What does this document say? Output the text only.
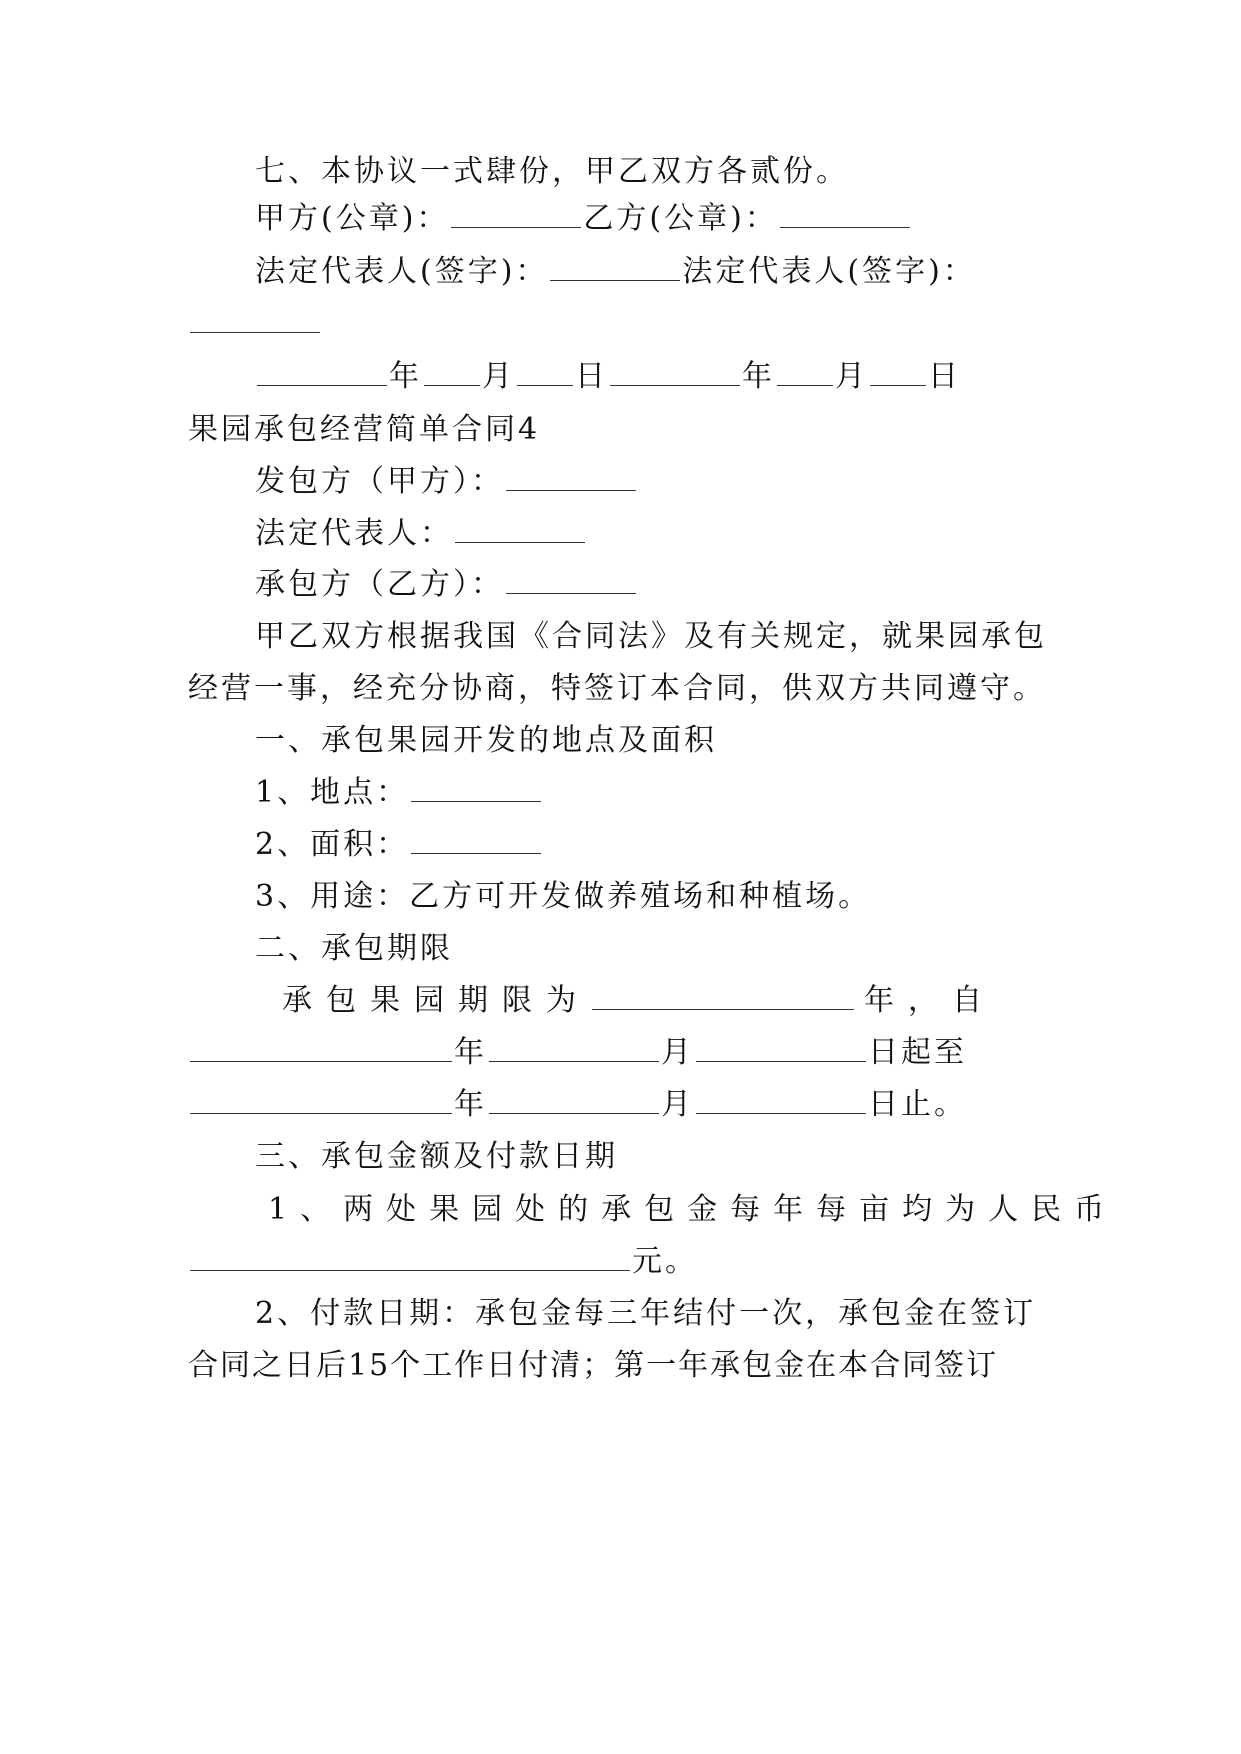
七、本协议一式肆份，甲乙双方各贰份。
甲方(公章)：	乙方(公章)：
法定代表人(签字)：	法定代表人(签字)：
年 月 日	年 月 日
果园承包经营简单合同4
发包方（甲方）：
法定代表人：
承包方（乙方）：
甲乙双方根据我国《合同法》及有关规定，就果园承包
经营一事，经充分协商，特签订本合同，供双方共同遵守。
一、承包果园开发的地点及面积
1、地点：
2、面积：
3、用途：乙方可开发做养殖场和种植场。
二、承包期限
承包果园期限为	年，自
年	月	日起至
年	月	日止。
三、承包金额及付款日期
1、两处果园处的承包金每年每亩均为人民币
元。
2、付款日期：承包金每三年结付一次，承包金在签订
合同之日后15个工作日付清；第一年承包金在本合同签订
